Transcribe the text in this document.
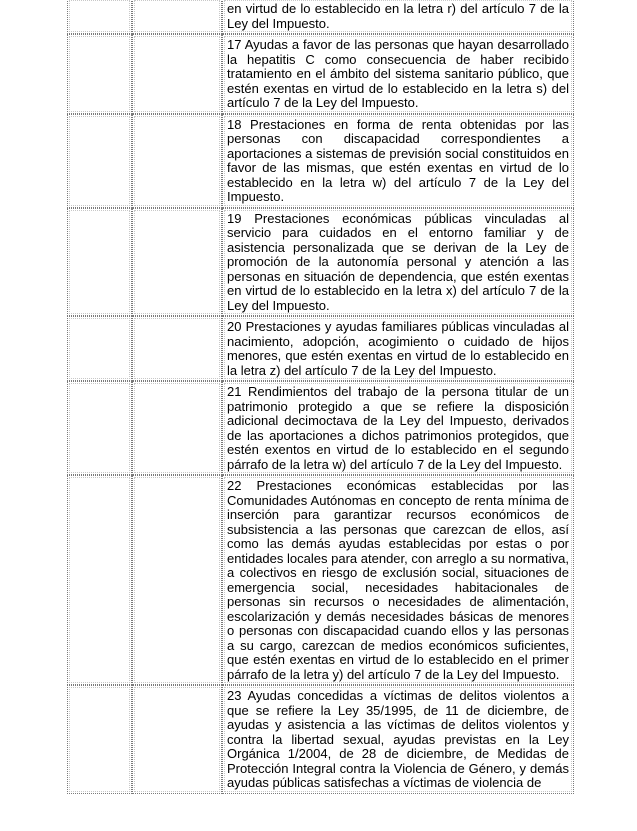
		en virtud de lo establecido en la letra r) del artículo 7 de la Ley del Impuesto.

		17 Ayudas a favor de las personas que hayan desarrollado la hepatitis C como consecuencia de haber recibido tratamiento en el ámbito del sistema sanitario público, que estén exentas en virtud de lo establecido en la letra s) del artículo 7 de la Ley del Impuesto.

		18 Prestaciones en forma de renta obtenidas por las personas con discapacidad correspondientes a aportaciones a sistemas de previsión social constituidos en favor de las mismas, que estén exentas en virtud de lo establecido en la letra w) del artículo 7 de la Ley del Impuesto.

		19 Prestaciones económicas públicas vinculadas al servicio para cuidados en el entorno familiar y de asistencia personalizada que se derivan de la Ley de promoción de la autonomía personal y atención a las personas en situación de dependencia, que estén exentas en virtud de lo establecido en la letra x) del artículo 7 de la Ley del Impuesto.

		20 Prestaciones y ayudas familiares públicas vinculadas al nacimiento, adopción, acogimiento o cuidado de hijos menores, que estén exentas en virtud de lo establecido en la letra z) del artículo 7 de la Ley del Impuesto.

		21 Rendimientos del trabajo de la persona titular de un patrimonio protegido a que se refiere la disposición adicional decimoctava de la Ley del Impuesto, derivados de las aportaciones a dichos patrimonios protegidos, que estén exentos en virtud de lo establecido en el segundo párrafo de la letra w) del artículo 7 de la Ley del Impuesto.

		22 Prestaciones económicas establecidas por las Comunidades Autónomas en concepto de renta mínima de inserción para garantizar recursos económicos de subsistencia a las personas que carezcan de ellos, así como las demás ayudas establecidas por estas o por entidades locales para atender, con arreglo a su normativa, a colectivos en riesgo de exclusión social, situaciones de emergencia social, necesidades habitacionales de personas sin recursos o necesidades de alimentación, escolarización y demás necesidades básicas de menores o personas con discapacidad cuando ellos y las personas a su cargo, carezcan de medios económicos suficientes, que estén exentas en virtud de lo establecido en el primer párrafo de la letra y) del artículo 7 de la Ley del Impuesto.

		23 Ayudas concedidas a víctimas de delitos violentos a que se refiere la Ley 35/1995, de 11 de diciembre, de ayudas y asistencia a las víctimas de delitos violentos y contra la libertad sexual, ayudas previstas en la Ley Orgánica 1/2004, de 28 de diciembre, de Medidas de Protección Integral contra la Violencia de Género, y demás ayudas públicas satisfechas a víctimas de violencia de
